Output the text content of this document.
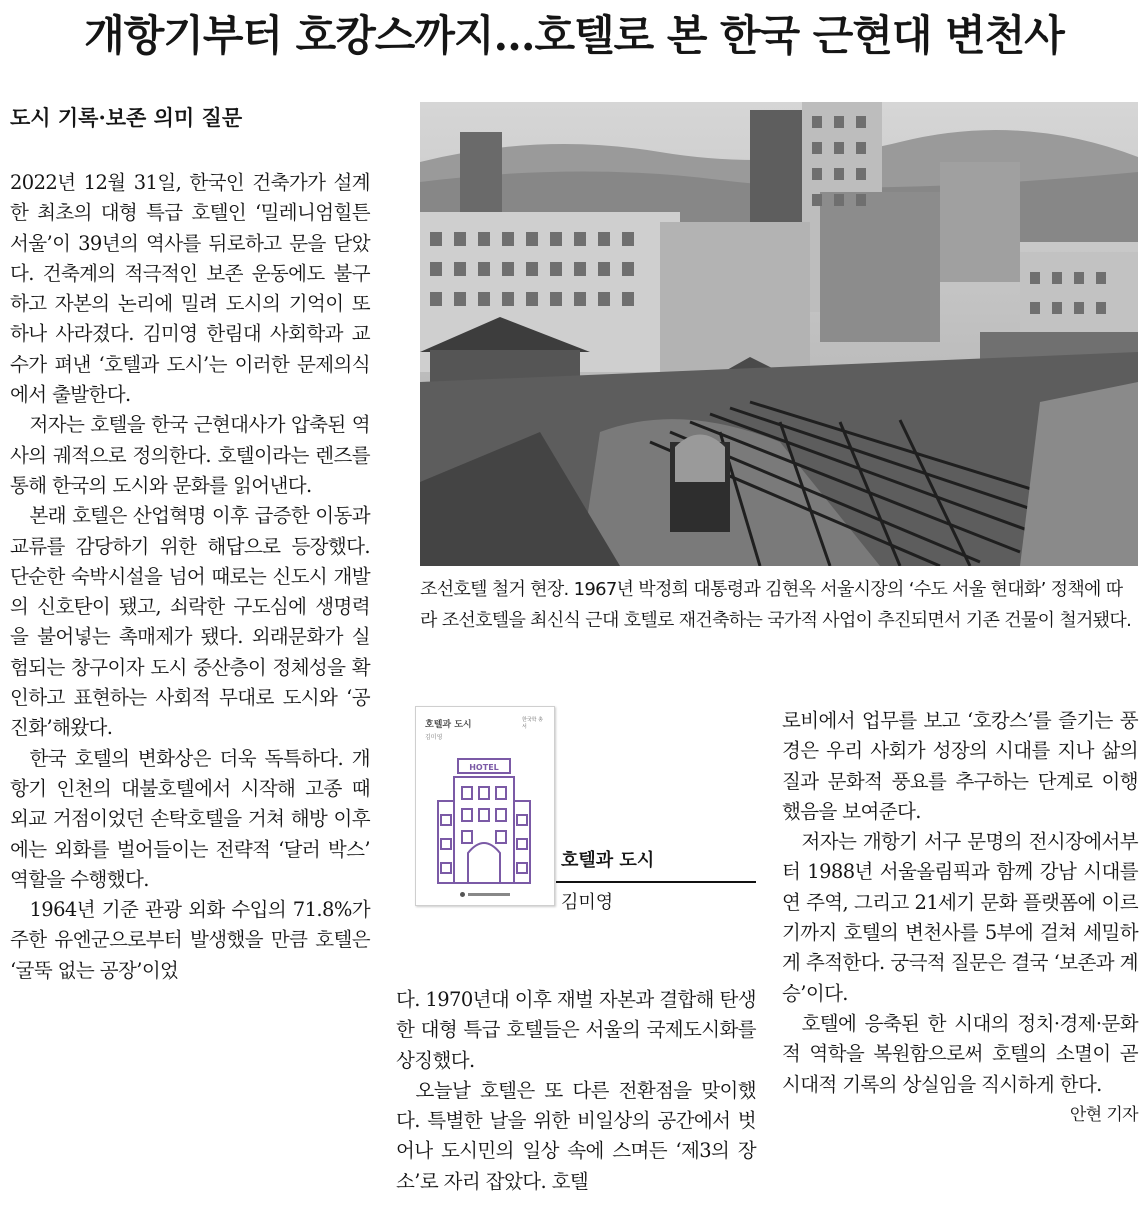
개항기부터 호캉스까지…호텔로 본 한국 근현대 변천사
도시 기록·보존 의미 질문

2022년 12월 31일, 한국인 건축가가 설계한 최초의 대형 특급 호텔인 ‘밀레니엄힐튼서울’이 39년의 역사를 뒤로하고 문을 닫았다. 건축계의 적극적인 보존 운동에도 불구하고 자본의 논리에 밀려 도시의 기억이 또 하나 사라졌다. 김미영 한림대 사회학과 교수가 펴낸 ‘호텔과 도시’는 이러한 문제의식에서 출발한다.

저자는 호텔을 한국 근현대사가 압축된 역사의 궤적으로 정의한다. 호텔이라는 렌즈를 통해 한국의 도시와 문화를 읽어낸다.

본래 호텔은 산업혁명 이후 급증한 이동과 교류를 감당하기 위한 해답으로 등장했다. 단순한 숙박시설을 넘어 때로는 신도시 개발의 신호탄이 됐고, 쇠락한 구도심에 생명력을 불어넣는 촉매제가 됐다. 외래문화가 실험되는 창구이자 도시 중산층이 정체성을 확인하고 표현하는 사회적 무대로 도시와 ‘공진화’해왔다.

한국 호텔의 변화상은 더욱 독특하다. 개항기 인천의 대불호텔에서 시작해 고종 때 외교 거점이었던 손탁호텔을 거쳐 해방 이후에는 외화를 벌어들이는 전략적 ‘달러 박스’ 역할을 수행했다.

1964년 기준 관광 외화 수입의 71.8%가 주한 유엔군으로부터 발생했을 만큼 호텔은 ‘굴뚝 없는 공장’이었

조선호텔 철거 현장. 1967년 박정희 대통령과 김현옥 서울시장의 ‘수도 서울 현대화’ 정책에 따라 조선호텔을 최신식 근대 호텔로 재건축하는 국가적 사업이 추진되면서 기존 건물이 철거됐다.

호텔과 도시
김미영
한국학 총서
HOTEL
호텔과 도시
김미영

다. 1970년대 이후 재벌 자본과 결합해 탄생한 대형 특급 호텔들은 서울의 국제도시화를 상징했다.

오늘날 호텔은 또 다른 전환점을 맞이했다. 특별한 날을 위한 비일상의 공간에서 벗어나 도시민의 일상 속에 스며든 ‘제3의 장소’로 자리 잡았다. 호텔

로비에서 업무를 보고 ‘호캉스’를 즐기는 풍경은 우리 사회가 성장의 시대를 지나 삶의 질과 문화적 풍요를 추구하는 단계로 이행했음을 보여준다.

저자는 개항기 서구 문명의 전시장에서부터 1988년 서울올림픽과 함께 강남 시대를 연 주역, 그리고 21세기 문화 플랫폼에 이르기까지 호텔의 변천사를 5부에 걸쳐 세밀하게 추적한다. 궁극적 질문은 결국 ‘보존과 계승’이다.

호텔에 응축된 한 시대의 정치·경제·문화적 역학을 복원함으로써 호텔의 소멸이 곧 시대적 기록의 상실임을 직시하게 한다.
안현 기자
